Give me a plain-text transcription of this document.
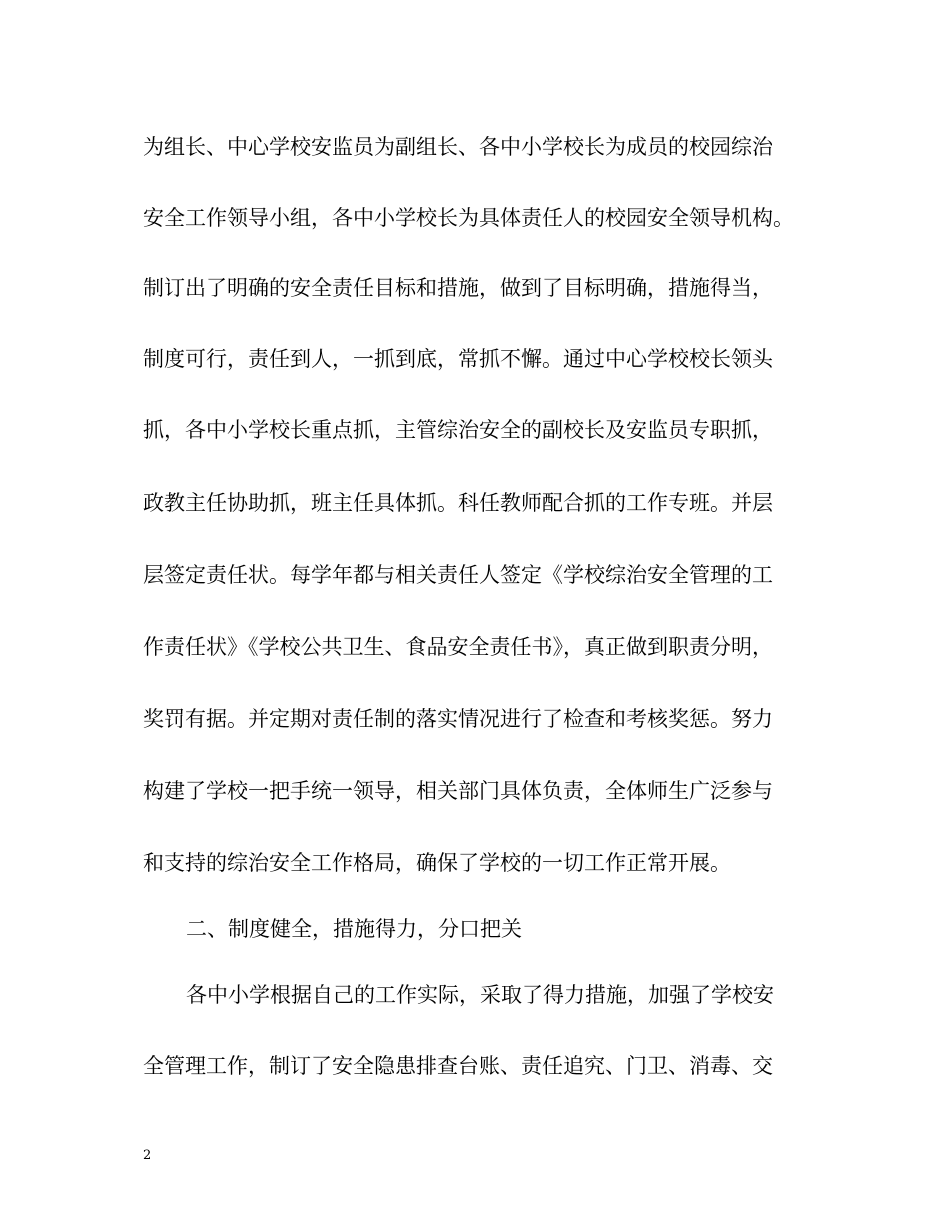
为组长、中心学校安监员为副组长、各中小学校长为成员的校园综治
安全工作领导小组，各中小学校长为具体责任人的校园安全领导机构。
制订出了明确的安全责任目标和措施，做到了目标明确，措施得当，
制度可行，责任到人，一抓到底，常抓不懈。通过中心学校校长领头
抓，各中小学校长重点抓，主管综治安全的副校长及安监员专职抓，
政教主任协助抓，班主任具体抓。科任教师配合抓的工作专班。并层
层签定责任状。每学年都与相关责任人签定《学校综治安全管理的工
作责任状》《学校公共卫生、食品安全责任书》，真正做到职责分明，
奖罚有据。并定期对责任制的落实情况进行了检查和考核奖惩。努力
构建了学校一把手统一领导，相关部门具体负责，全体师生广泛参与
和支持的综治安全工作格局，确保了学校的一切工作正常开展。
二、制度健全，措施得力，分口把关
各中小学根据自己的工作实际，采取了得力措施，加强了学校安
全管理工作，制订了安全隐患排查台账、责任追究、门卫、消毒、交
2
